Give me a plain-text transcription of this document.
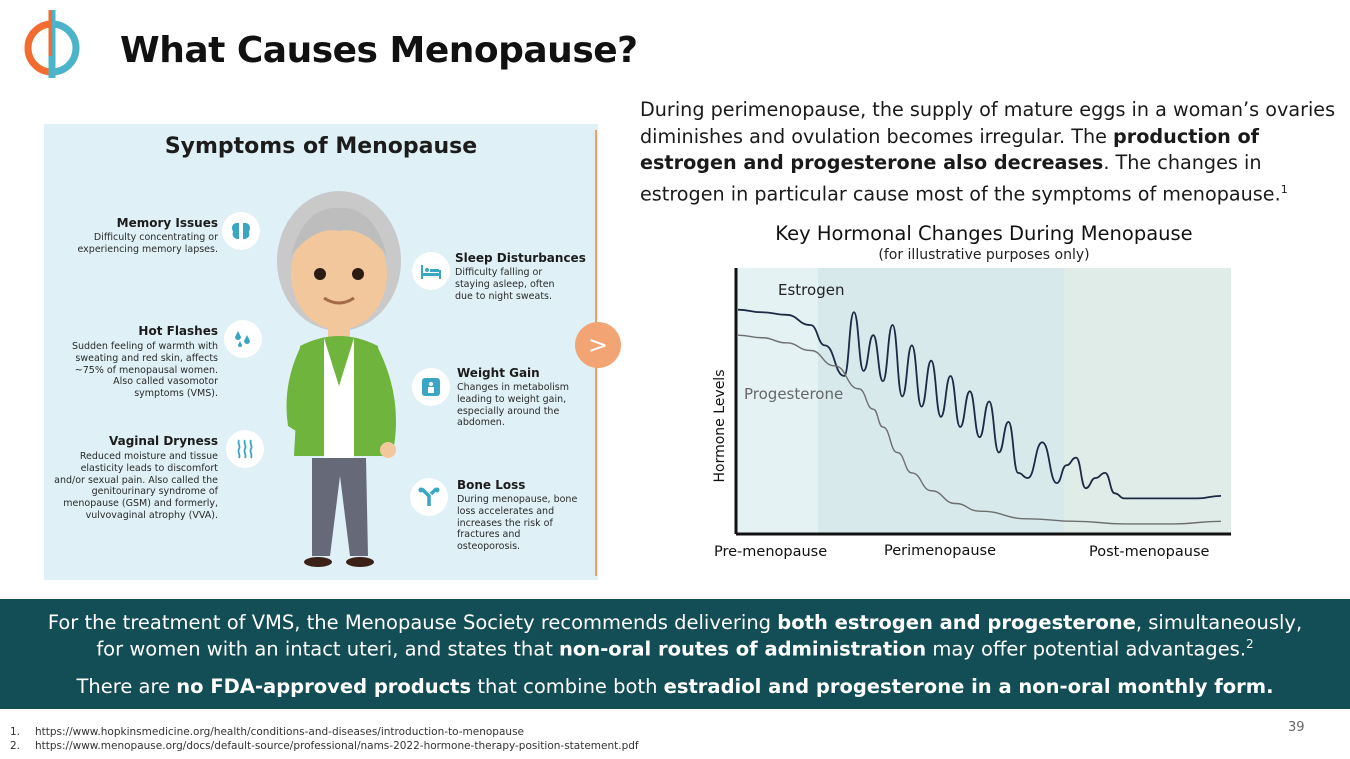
What Causes Menopause?
Symptoms of Menopause
Memory Issues
Difficulty concentrating or
experiencing memory lapses.
Hot Flashes
Sudden feeling of warmth with
sweating and red skin, affects
~75% of menopausal women.
Also called vasomotor
symptoms (VMS).
Vaginal Dryness
Reduced moisture and tissue
elasticity leads to discomfort
and/or sexual pain. Also called the
genitourinary syndrome of
menopause (GSM) and formerly,
vulvovaginal atrophy (VVA).
Sleep Disturbances
Difficulty falling or
staying asleep, often
due to night sweats.
Weight Gain
Changes in metabolism
leading to weight gain,
especially around the
abdomen.
Bone Loss
During menopause, bone
loss accelerates and
increases the risk of
fractures and
osteoporosis.
>
During perimenopause, the supply of mature eggs in a woman’s ovaries diminishes and ovulation becomes irregular. The production of estrogen and progesterone also decreases. The changes in estrogen in particular cause most of the symptoms of menopause.$^1$
Key Hormonal Changes During Menopause
(for illustrative purposes only)
Hormone Levels
Estrogen
Progesterone
Pre-menopause	Perimenopause	Post-menopause
For the treatment of VMS, the Menopause Society recommends delivering both estrogen and progesterone, simultaneously,
for women with an intact uteri, and states that non-oral routes of administration may offer potential advantages.$^2$
There are no FDA-approved products that combine both estradiol and progesterone in a non-oral monthly form.
39
1. https://www.hopkinsmedicine.org/health/conditions-and-diseases/introduction-to-menopause
2. https://www.menopause.org/docs/default-source/professional/nams-2022-hormone-therapy-position-statement.pdf
